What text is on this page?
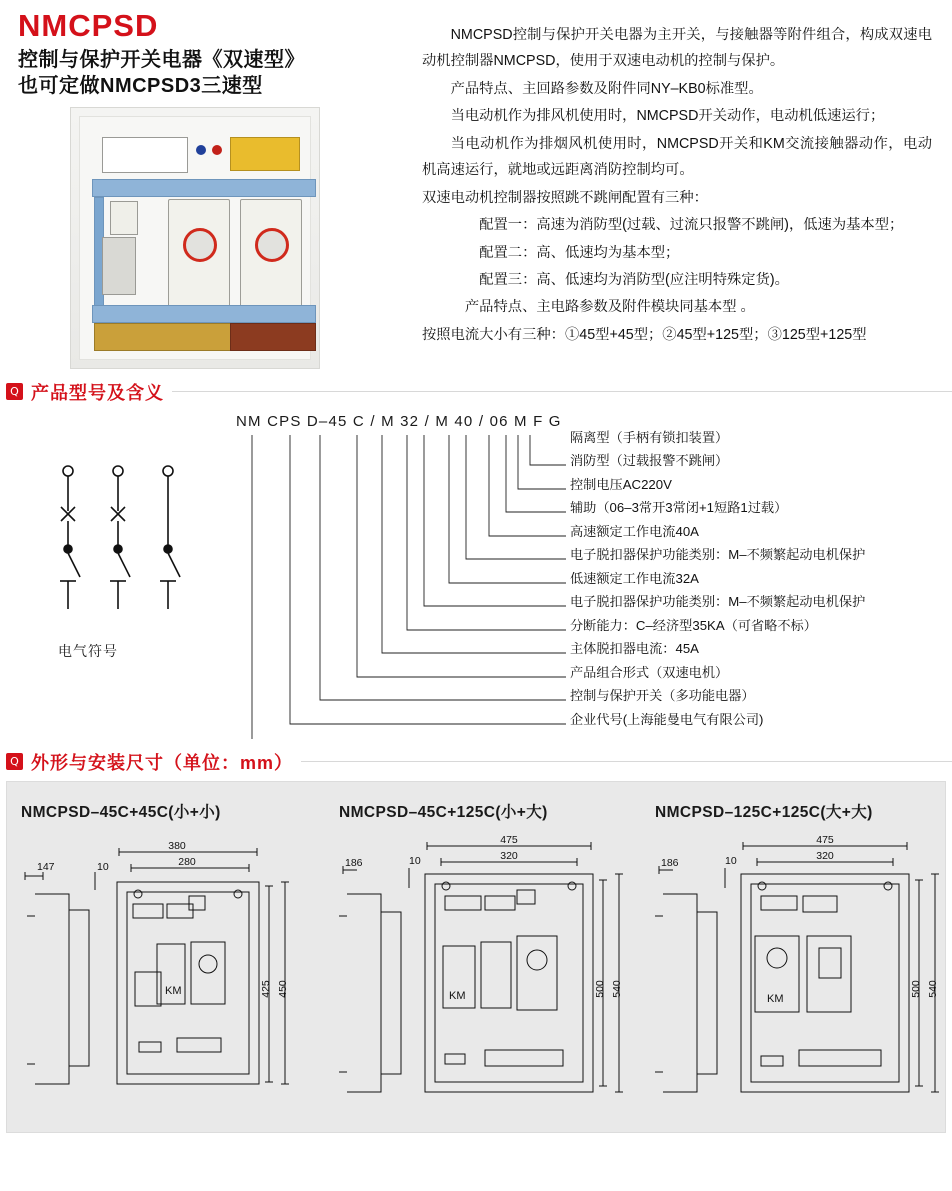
NMCPSD
控制与保护开关电器《双速型》
也可定做NMCPSD3三速型
NMCPSD控制与保护开关电器为主开关，与接触器等附件组合，构成双速电动机控制器NMCPSD，使用于双速电动机的控制与保护。
产品特点、主回路参数及附件同NY–KB0标准型。
当电动机作为排风机使用时，NMCPSD开关动作，电动机低速运行；
当电动机作为排烟风机使用时，NMCPSD开关和KM交流接触器动作，电动机高速运行，就地或远距离消防控制均可。
双速电动机控制器按照跳不跳闸配置有三种：
配置一：高速为消防型(过载、过流只报警不跳闸)，低速为基本型；
配置二：高、低速均为基本型；
配置三：高、低速均为消防型(应注明特殊定货)。
产品特点、主电路参数及附件模块同基本型 。
按照电流大小有三种：①45型+45型；②45型+125型；③125型+125型
Q 产品型号及含义
电气符号
NM CPS D–45 C / M 32 / M 40 / 06 M F G
隔离型（手柄有锁扣装置）
消防型（过载报警不跳闸）
控制电压AC220V
辅助（06–3常开3常闭+1短路1过载）
高速额定工作电流40A
电子脱扣器保护功能类别：M–不频繁起动电机保护
低速额定工作电流32A
电子脱扣器保护功能类别：M–不频繁起动电机保护
分断能力：C–经济型35KA（可省略不标）
主体脱扣器电流：45A
产品组合形式（双速电机）
控制与保护开关（多功能电器）
企业代号(上海能曼电气有限公司)
Q 外形与安装尺寸（单位：mm）
NMCPSD–45C+45C(小+小)
380
280
147	10
425 450
KM
NMCPSD–45C+125C(小+大)
475
320
186	10
500 540
KM
NMCPSD–125C+125C(大+大)
475
320
186	10
500 540
KM
